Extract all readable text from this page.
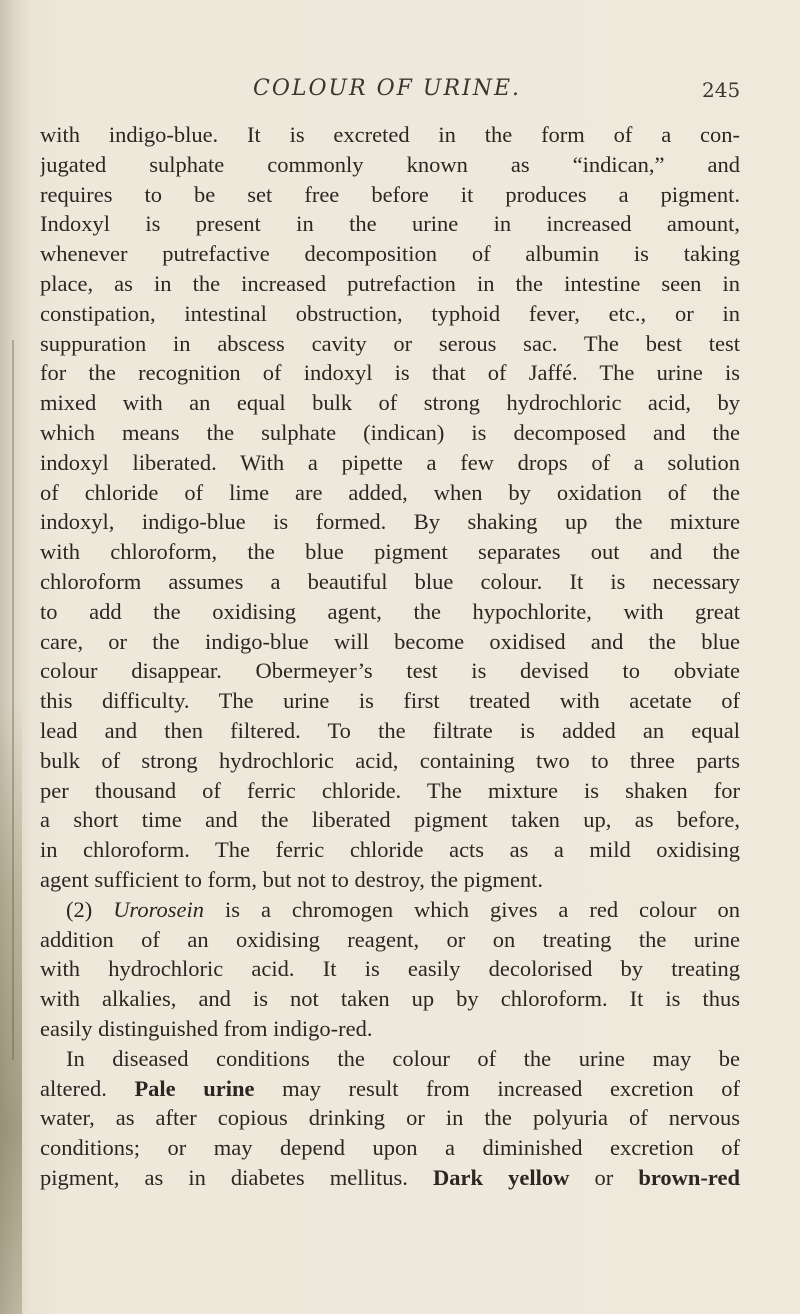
COLOUR OF URINE.	245
with indigo-blue. It is excreted in the form of a con-
jugated sulphate commonly known as “indican,” and
requires to be set free before it produces a pigment.
Indoxyl is present in the urine in increased amount,
whenever putrefactive decomposition of albumin is taking
place, as in the increased putrefaction in the intestine seen in
constipation, intestinal obstruction, typhoid fever, etc., or in
suppuration in abscess cavity or serous sac. The best test
for the recognition of indoxyl is that of Jaffé. The urine is
mixed with an equal bulk of strong hydrochloric acid, by
which means the sulphate (indican) is decomposed and the
indoxyl liberated. With a pipette a few drops of a solution
of chloride of lime are added, when by oxidation of the
indoxyl, indigo-blue is formed. By shaking up the mixture
with chloroform, the blue pigment separates out and the
chloroform assumes a beautiful blue colour. It is necessary
to add the oxidising agent, the hypochlorite, with great
care, or the indigo-blue will become oxidised and the blue
colour disappear. Obermeyer’s test is devised to obviate
this difficulty. The urine is first treated with acetate of
lead and then filtered. To the filtrate is added an equal
bulk of strong hydrochloric acid, containing two to three parts
per thousand of ferric chloride. The mixture is shaken for
a short time and the liberated pigment taken up, as before,
in chloroform. The ferric chloride acts as a mild oxidising
agent sufficient to form, but not to destroy, the pigment.
(2) Urorosein is a chromogen which gives a red colour on
addition of an oxidising reagent, or on treating the urine
with hydrochloric acid. It is easily decolorised by treating
with alkalies, and is not taken up by chloroform. It is thus
easily distinguished from indigo-red.
In diseased conditions the colour of the urine may be
altered. Pale urine may result from increased excretion of
water, as after copious drinking or in the polyuria of nervous
conditions; or may depend upon a diminished excretion of
pigment, as in diabetes mellitus. Dark yellow or brown-red
